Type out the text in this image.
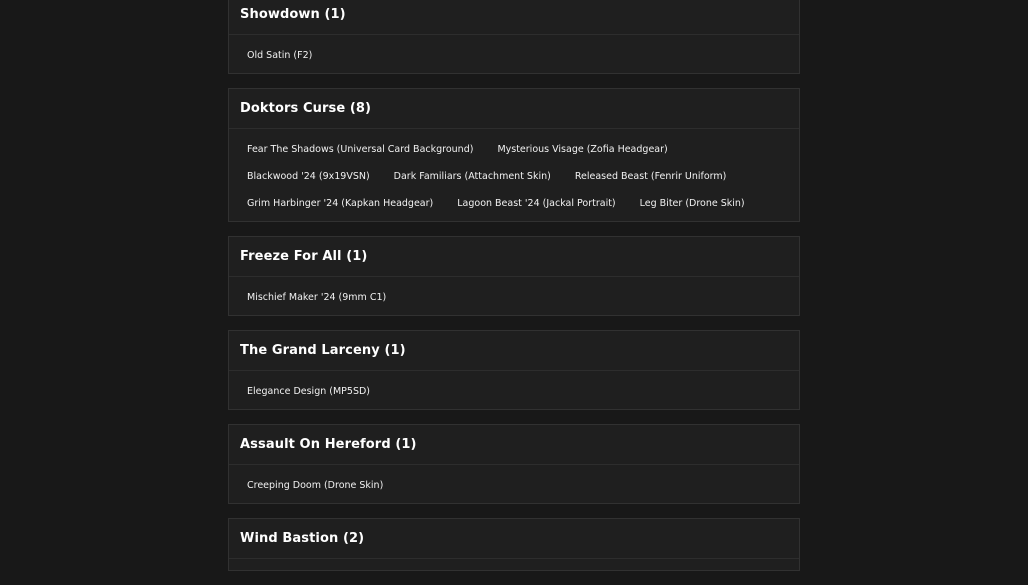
Showdown (1)
Old Satin (F2)
Doktors Curse (8)
Fear The Shadows (Universal Card Background)	Mysterious Visage (Zofia Headgear)
Blackwood '24 (9x19VSN)	Dark Familiars (Attachment Skin)	Released Beast (Fenrir Uniform)
Grim Harbinger '24 (Kapkan Headgear)	Lagoon Beast '24 (Jackal Portrait)	Leg Biter (Drone Skin)
Freeze For All (1)
Mischief Maker '24 (9mm C1)
The Grand Larceny (1)
Elegance Design (MP5SD)
Assault On Hereford (1)
Creeping Doom (Drone Skin)
Wind Bastion (2)
